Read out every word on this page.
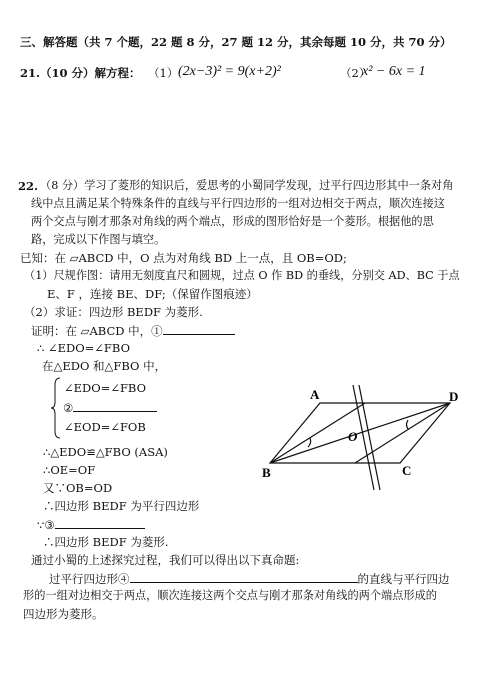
三、解答题（共 7 个题，22 题 8 分，27 题 12 分，其余每题 10 分，共 70 分）
21.（10 分）解方程： （1） (2x−3)² = 9(x+2)²	（2）
x² − 6x = 1
22. （8 分）学习了菱形的知识后，爱思考的小蜀同学发现，过平行四边形其中一条对角
线中点且满足某个特殊条件的直线与平行四边形的一组对边相交于两点，顺次连接这
两个交点与刚才那条对角线的两个端点，形成的图形恰好是一个菱形。根据他的思
路，完成以下作图与填空。
已知：在 ▱ABCD 中，O 点为对角线 BD 上一点，且 OB=OD;
（1）尺规作图：请用无刻度直尺和圆规，过点 O 作 BD 的垂线，分别交 AD、BC 于点
E、F ，连接 BE、DF;（保留作图痕迹）
（2）求证：四边形 BEDF 为菱形.
证明：在 ▱ABCD 中，①
∴ ∠EDO=∠FBO
在△EDO 和△FBO 中，
∠EDO=∠FBO
②
∠EOD=∠FOB
∴△EDO≌△FBO (ASA)
∴OE=OF
又∵OB=OD
∴四边形 BEDF 为平行四边形
∵③
∴四边形 BEDF 为菱形.
通过小蜀的上述探究过程，我们可以得出以下真命题:
过平行四边形④	的直线与平行四边
形的一组对边相交于两点，顺次连接这两个交点与刚才那条对角线的两个端点形成的
四边形为菱形。
A	D
B	C
O
